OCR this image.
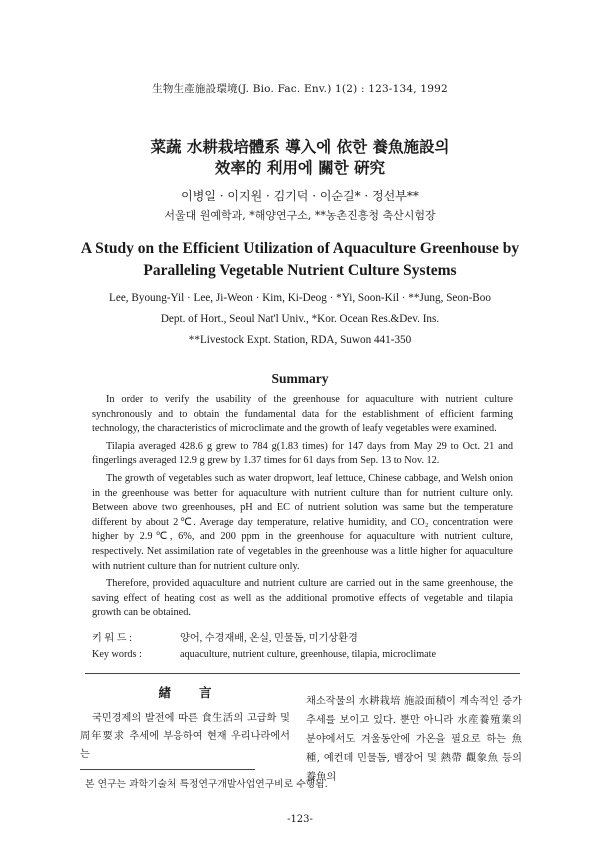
生物生產施設環境(J. Bio. Fac. Env.) 1(2) : 123-134, 1992
菜蔬 水耕栽培體系 導入에 依한 養魚施設의
效率的 利用에 關한 硏究
이병일 · 이지원 · 김기덕 · 이순길* · 정선부**
서울대 원예학과, *해양연구소, **농촌진흥청 축산시험장
A Study on the Efficient Utilization of Aquaculture Greenhouse by
Paralleling Vegetable Nutrient Culture Systems
Lee, Byoung-Yil · Lee, Ji-Weon · Kim, Ki-Deog · *Yi, Soon-Kil · **Jung, Seon-Boo
Dept. of Hort., Seoul Nat'l Univ., *Kor. Ocean Res.&Dev. Ins.
**Livestock Expt. Station, RDA, Suwon 441-350
Summary

In order to verify the usability of the greenhouse for aquaculture with nutrient culture synchronously and to obtain the fundamental data for the establishment of efficient farming technology, the characteristics of microclimate and the growth of leafy vegetables were examined.

Tilapia averaged 428.6 g grew to 784 g(1.83 times) for 147 days from May 29 to Oct. 21 and fingerlings averaged 12.9 g grew by 1.37 times for 61 days from Sep. 13 to Nov. 12.

The growth of vegetables such as water dropwort, leaf lettuce, Chinese cabbage, and Welsh onion in the greenhouse was better for aquaculture with nutrient culture than for nutrient culture only. Between above two greenhouses, pH and EC of nutrient solution was same but the temperature different by about 2℃. Average day temperature, relative humidity, and CO₂ concentration were higher by 2.9℃, 6%, and 200 ppm in the greenhouse for aquaculture with nutrient culture, respectively. Net assimilation rate of vegetables in the greenhouse was a little higher for aquaculture with nutrient culture than for nutrient culture only.

Therefore, provided aquaculture and nutrient culture are carried out in the same greenhouse, the saving effect of heating cost as well as the additional promotive effects of vegetable and tilapia growth can be obtained.

키 워 드 :	양어, 수경재배, 온실, 민물돔, 미기상환경
Key words :	aquaculture, nutrient culture, greenhouse, tilapia, microclimate
緖言

국민경제의 발전에 따른 食生活의 고급화 및 周年要求 추세에 부응하여 현재 우리나라에서는

채소작물의 水耕栽培 施設面積이 계속적인 증가추세를 보이고 있다. 뿐만 아니라 水産養殖業의 분야에서도 겨울동안에 가온을 필요로 하는 魚種, 예컨데 민물돔, 뱀장어 및 熱帶 觀象魚 등의 養魚의

본 연구는 과학기술처 특정연구개발사업연구비로 수행됨.
-123-
